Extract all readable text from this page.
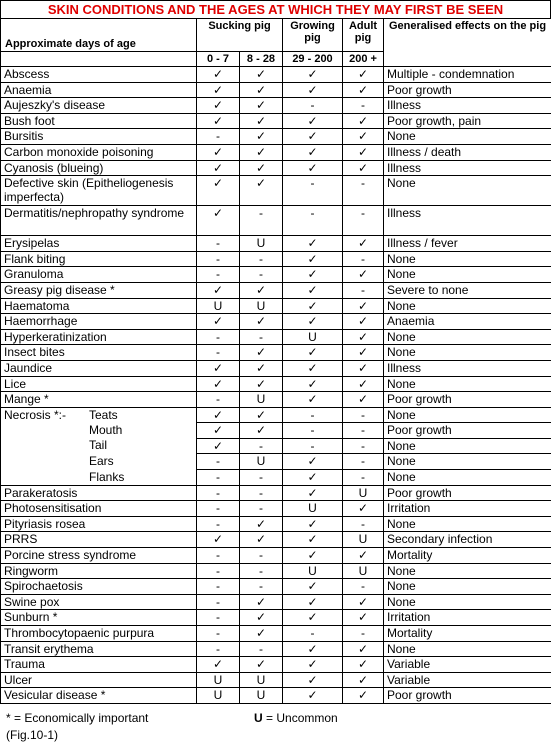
SKIN CONDITIONS AND THE AGES AT WHICH THEY MAY FIRST BE SEEN
Approximate days of age	Sucking pig		Growing pig	Adult pig	Generalised effects on the pig
	0 - 7	8 - 28	29 - 200	200 +	
Abscess	✓	✓	✓	✓	Multiple - condemnation
Anaemia	✓	✓	✓	✓	Poor growth
Aujeszky's disease	✓	✓	-	-	Illness
Bush foot	✓	✓	✓	✓	Poor growth, pain
Bursitis	-	✓	✓	✓	None
Carbon monoxide poisoning	✓	✓	✓	✓	Illness / death
Cyanosis (blueing)	✓	✓	✓	✓	Illness
Defective skin (Epitheliogenesis imperfecta)	✓	✓	-	-	None
Dermatitis/nephropathy syndrome	✓	-	-	-	Illness
Erysipelas	-	U	✓	✓	Illness / fever
Flank biting	-	-	✓	-	None
Granuloma	-	-	✓	✓	None
Greasy pig disease *	✓	✓	✓	-	Severe to none
Haematoma	U	U	✓	✓	None
Haemorrhage	✓	✓	✓	✓	Anaemia
Hyperkeratinization	-	-	U	✓	None
Insect bites	-	✓	✓	✓	None
Jaundice	✓	✓	✓	✓	Illness
Lice	✓	✓	✓	✓	None
Mange *	-	U	✓	✓	Poor growth
Necrosis *:- Teats	✓	✓	-	-	None
Mouth	✓	✓	-	-	Poor growth
Tail	✓	-	-	-	None
Ears	-	U	✓	-	None
Flanks	-	-	✓	-	None
Parakeratosis	-	-	✓	U	Poor growth
Photosensitisation	-	-	U	✓	Irritation
Pityriasis rosea	-	✓	✓	-	None
PRRS	✓	✓	✓	U	Secondary infection
Porcine stress syndrome	-	-	✓	✓	Mortality
Ringworm	-	-	U	U	None
Spirochaetosis	-	-	✓	-	None
Swine pox	-	✓	✓	✓	None
Sunburn *	-	✓	✓	✓	Irritation
Thrombocytopaenic purpura	-	✓	-	-	Mortality
Transit erythema	-	-	✓	✓	None
Trauma	✓	✓	✓	✓	Variable
Ulcer	U	U	✓	✓	Variable
Vesicular disease *	U	U	✓	✓	Poor growth
* = Economically important	U = Uncommon
(Fig.10-1)
